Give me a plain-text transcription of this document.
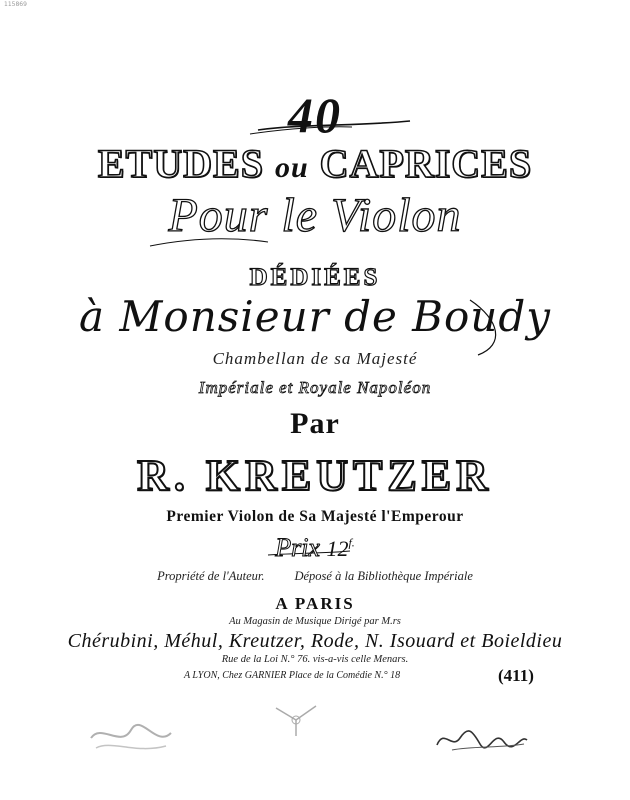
115869
40
ETUDES ou CAPRICES
Pour le Violon
DÉDIÉES
à Monsieur de Boudy
Chambellan de sa Majesté
Impériale et Royale Napoléon
Par
R. KREUTZER
Premier Violon de Sa Majesté l'Emperour
Prix $12^{f.}$
Propriété de l'Auteur. Déposé à la Bibliothèque Impériale
A PARIS
Au Magasin de Musique Dirigé par M.rs
Chérubini, Méhul, Kreutzer, Rode, N. Isouard et Boieldieu
Rue de la Loi N.° 76. vis-a-vis celle Menars.
A LYON, Chez GARNIER Place de la Comédie N.° 18	(411)
